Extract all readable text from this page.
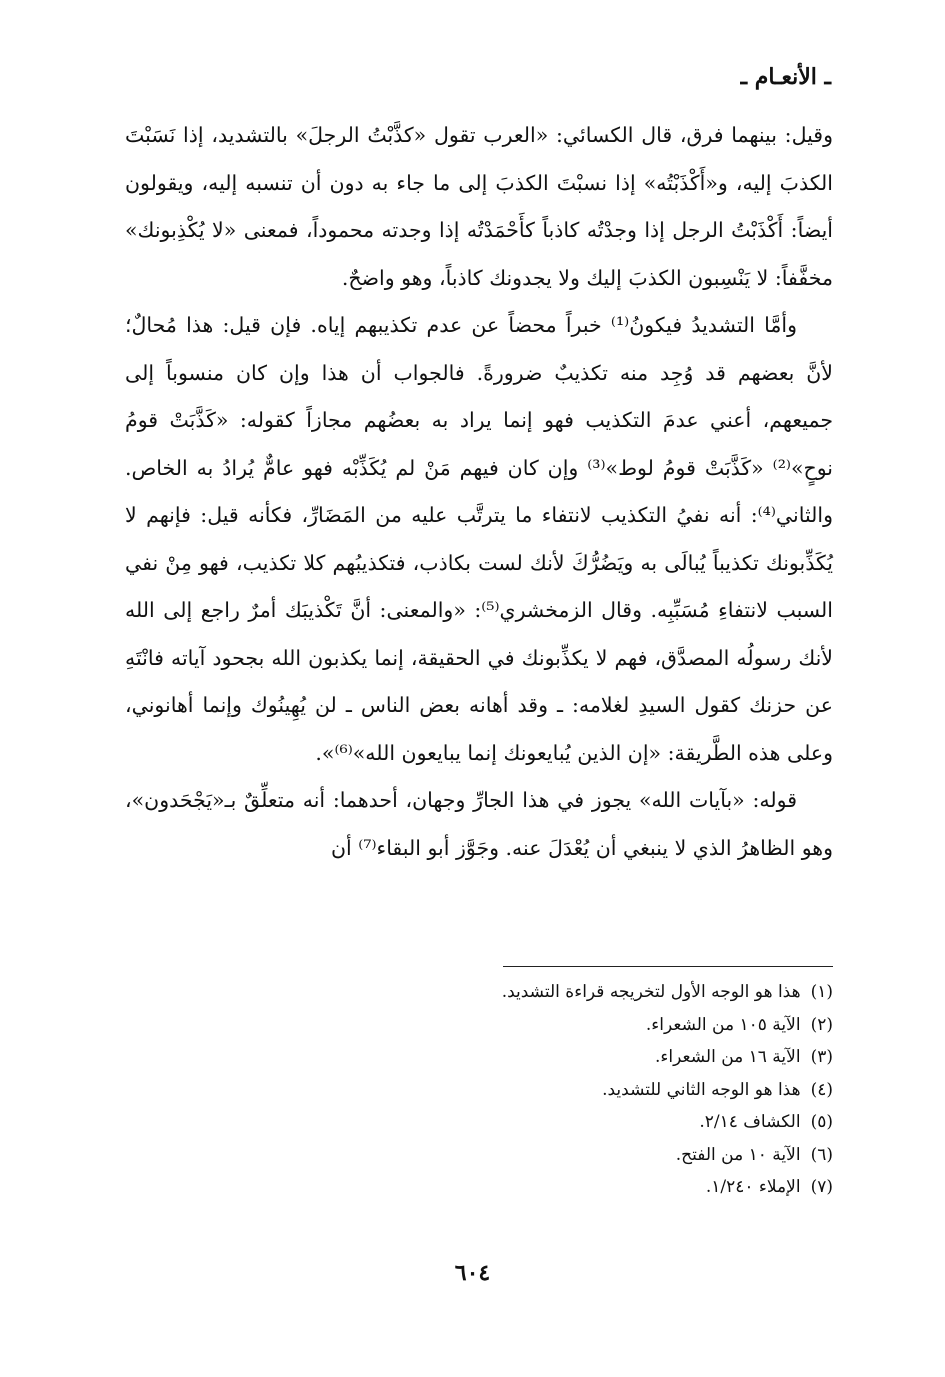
ـ الأنعـام ـ

وقيل: بينهما فرق، قال الكسائي: «العرب تقول «كذَّبْتُ الرجلَ» بالتشديد، إذا نَسَبْتَ الكذبَ إليه، و«أَكْذَبْتُه» إذا نسبْتَ الكذبَ إلى ما جاء به دون أن تنسبه إليه، ويقولون أيضاً: أَكْذَبْتُ الرجل إذا وجدْتُه كاذباً كأَحْمَدْتُه إذا وجدته محموداً، فمعنى «لا يُكْذِبونك» مخفَّفاً: لا يَنْسِبون الكذبَ إليك ولا يجدونك كاذباً، وهو واضحٌ.

وأمَّا التشديدُ فيكونُ⁽¹⁾ خبراً محضاً عن عدم تكذيبهم إياه. فإن قيل: هذا مُحالٌ؛ لأنَّ بعضهم قد وُجِد منه تكذيبٌ ضرورةً. فالجواب أن هذا وإن كان منسوباً إلى جميعهم، أعني عدمَ التكذيب فهو إنما يراد به بعضُهم مجازاً كقوله: «كَذَّبَتْ قومُ نوحٍ»⁽²⁾ «كَذَّبَتْ قومُ لوط»⁽³⁾ وإن كان فيهم مَنْ لم يُكَذِّبْه فهو عامٌّ يُرادُ به الخاص. والثاني⁽⁴⁾: أنه نفيُ التكذيب لانتفاء ما يترتَّب عليه من المَضَارِّ، فكأنه قيل: فإنهم لا يُكَذِّبونك تكذيباً يُبالَى به ويَضُرُّكَ لأنك لست بكاذب، فتكذيبُهم كلا تكذيب، فهو مِنْ نفي السبب لانتفاءِ مُسَبِّبِه. وقال الزمخشري⁽⁵⁾: «والمعنى: أنَّ تَكْذيبَك أمرٌ راجع إلى الله لأنك رسولُه المصدَّق، فهم لا يكذِّبونك في الحقيقة، إنما يكذبون الله بجحود آياته فانْتَهِ عن حزنك كقول السيدِ لغلامه: ـ وقد أهانه بعض الناس ـ لن يُهِينُوك وإنما أهانوني، وعلى هذه الطَّريقة: «إن الذين يُبايعونك إنما يبايعون الله»⁽⁶⁾».

قوله: «بآيات الله» يجوز في هذا الجارِّ وجهان، أحدهما: أنه متعلِّقٌ بـ«يَجْحَدون»، وهو الظاهرُ الذي لا ينبغي أن يُعْدَلَ عنه. وجَوَّز أبو البقاء⁽⁷⁾ أن

(١)هذا هو الوجه الأول لتخريجه قراءة التشديد.
(٢)الآية ١٠٥ من الشعراء.
(٣)الآية ١٦ من الشعراء.
(٤)هذا هو الوجه الثاني للتشديد.
(٥)الكشاف ٢/١٤.
(٦)الآية ١٠ من الفتح.
(٧)الإملاء ١/٢٤٠.
٦٠٤
